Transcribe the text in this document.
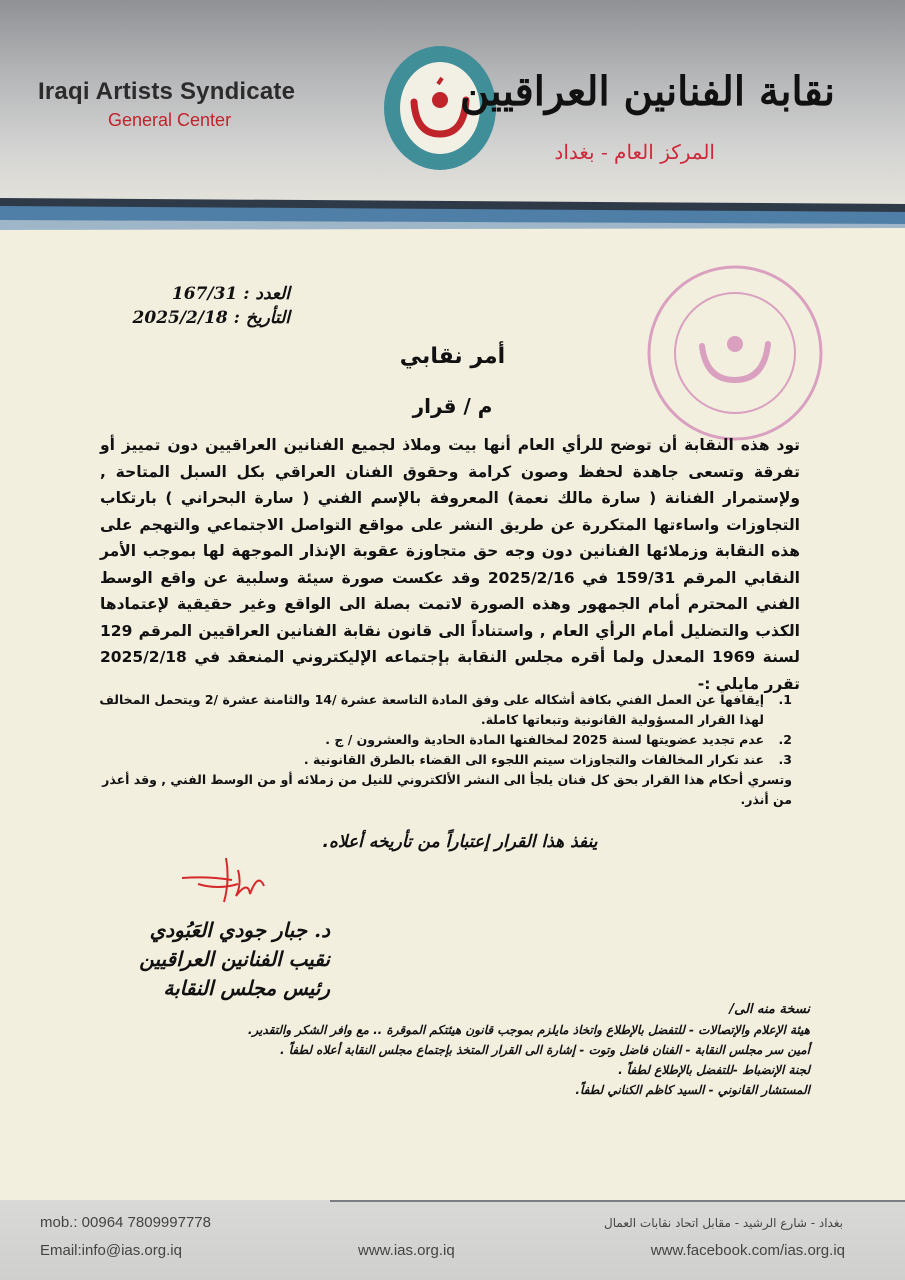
Iraqi Artists Syndicate
General Center
نقابة الفنانين العراقيين
المركز العام - بغداد
العدد : 167/31
التأريخ : 2025/2/18
أمر نقابي
م / قرار
تود هذه النقابة أن توضح للرأي العام أنها بيت وملاذ لجميع الفنانين العراقيين دون تمييز أو تفرقة وتسعى جاهدة لحفظ وصون كرامة وحقوق الفنان العراقي بكل السبل المتاحة , ولإستمرار الفنانة ( سارة مالك نعمة) المعروفة بالإسم الفني ( سارة البحراني ) بارتكاب التجاوزات واساءتها المتكررة عن طريق النشر على مواقع التواصل الاجتماعي والتهجم على هذه النقابة وزملائها الفنانين دون وجه حق متجاوزة عقوبة الإنذار الموجهة لها بموجب الأمر النقابي المرقم 159/31 في 2025/2/16 وقد عكست صورة سيئة وسلبية عن واقع الوسط الفني المحترم أمام الجمهور وهذه الصورة لاتمت بصلة الى الواقع وغير حقيقية لإعتمادها الكذب والتضليل أمام الرأي العام , واستناداً الى قانون نقابة الفنانين العراقيين المرقم 129 لسنة 1969 المعدل ولما أقره مجلس النقابة بإجتماعه الإليكتروني المنعقد في 2025/2/18 تقرر مايلي :-
1.
إيقافها عن العمل الفني بكافة أشكاله على وفق المادة التاسعة عشرة /14 والثامنة عشرة /2 ويتحمل المخالف لهذا القرار المسؤولية القانونية وتبعاتها كاملة.
2.
عدم تجديد عضويتها لسنة 2025 لمخالفتها المادة الحادية والعشرون / ج .
3.
عند تكرار المخالفات والتجاوزات سيتم اللجوء الى القضاء بالطرق القانونية .
وتسري أحكام هذا القرار بحق كل فنان يلجأ الى النشر الألكتروني للنيل من زملائه أو من الوسط الفني , وقد أعذر من أنذر.
ينفذ هذا القرار إعتباراً من تأريخه أعلاه.
د. جبار جودي العَبُودي
نقيب الفنانين العراقيين
رئيس مجلس النقابة
نسخة منه الى/
هيئة الإعلام والإتصالات - للتفضل بالإطلاع واتخاذ مايلزم بموجب قانون هيئتكم الموقرة .. مع وافر الشكر والتقدير.
أمين سر مجلس النقابة - الفنان فاضل وتوت - إشارة الى القرار المتخذ بإجتماع مجلس النقابة أعلاه لطفاً .
لجنة الإنضباط -للتفضل بالإطلاع لطفاً .
المستشار القانوني - السيد كاظم الكناني لطفاً.
mob.: 00964 7809997778
Email:info@ias.org.iq	www.ias.org.iq
بغداد - شارع الرشيد - مقابل اتحاد نقابات العمال
www.facebook.com/ias.org.iq
